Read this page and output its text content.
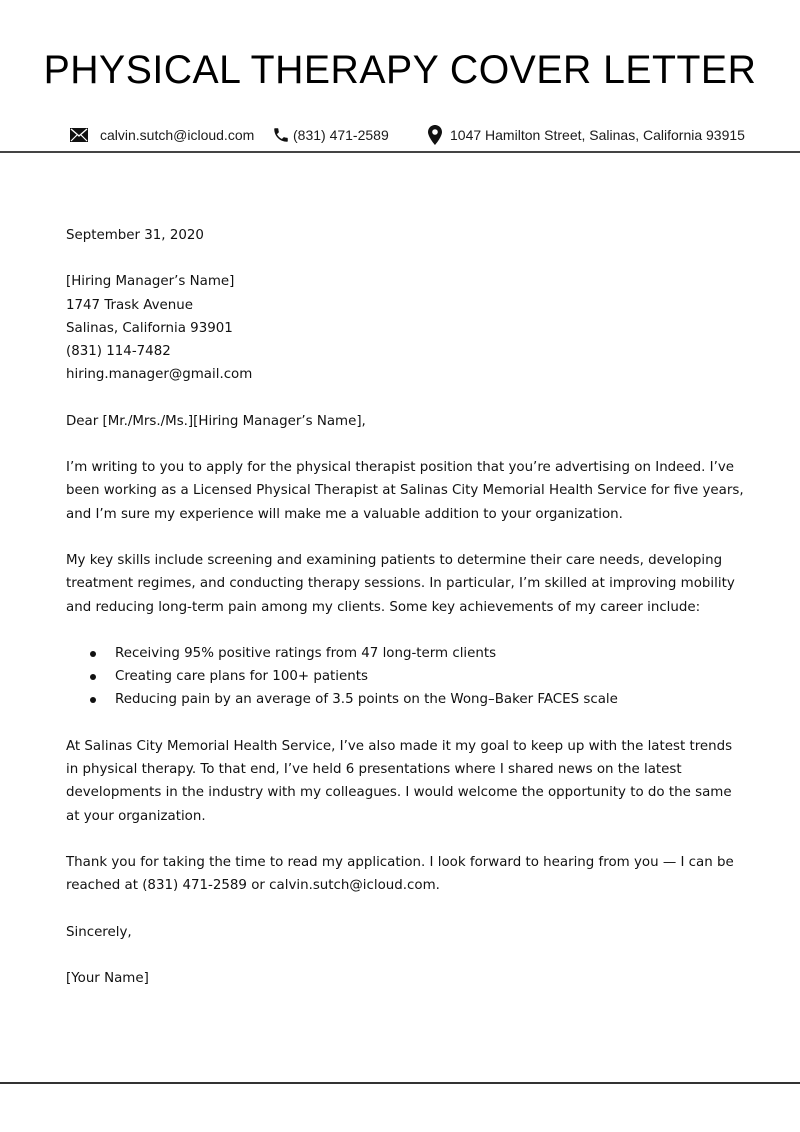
PHYSICAL THERAPY COVER LETTER
calvin.sutch@icloud.com	(831) 471-2589	1047 Hamilton Street, Salinas, California 93915

September 31, 2020

[Hiring Manager’s Name]

1747 Trask Avenue

Salinas, California 93901

(831) 114-7482

hiring.manager@gmail.com

Dear [Mr./Mrs./Ms.][Hiring Manager’s Name],

I’m writing to you to apply for the physical therapist position that you’re advertising on Indeed. I’ve been working as a Licensed Physical Therapist at Salinas City Memorial Health Service for five years, and I’m sure my experience will make me a valuable addition to your organization.

My key skills include screening and examining patients to determine their care needs, developing treatment regimes, and conducting therapy sessions. In particular, I’m skilled at improving mobility and reducing long-term pain among my clients. Some key achievements of my career include:

Receiving 95% positive ratings from 47 long-term clients
Creating care plans for 100+ patients
Reducing pain by an average of 3.5 points on the Wong–Baker FACES scale

At Salinas City Memorial Health Service, I’ve also made it my goal to keep up with the latest trends in physical therapy. To that end, I’ve held 6 presentations where I shared news on the latest developments in the industry with my colleagues. I would welcome the opportunity to do the same at your organization.

Thank you for taking the time to read my application. I look forward to hearing from you — I can be reached at (831) 471-2589 or calvin.sutch@icloud.com.

Sincerely,

[Your Name]
